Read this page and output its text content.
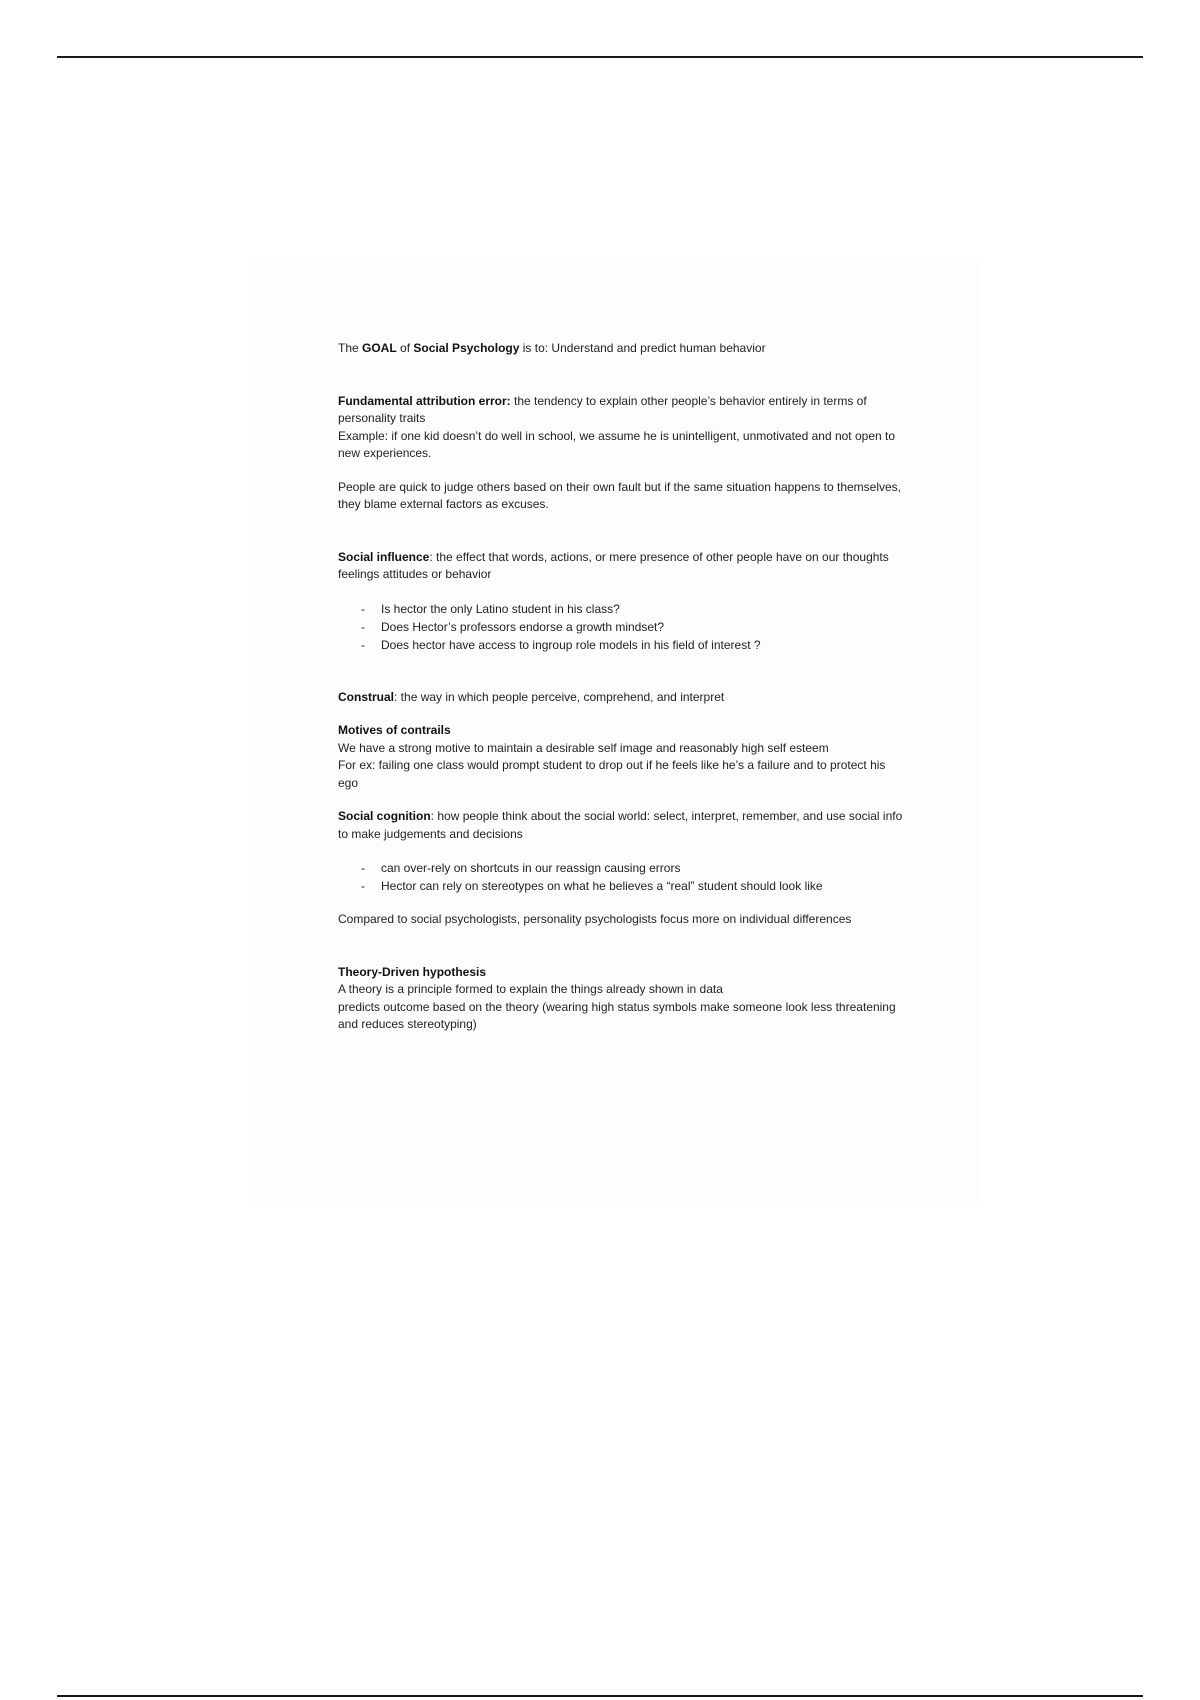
The GOAL of Social Psychology is to: Understand and predict human behavior

Fundamental attribution error: the tendency to explain other people’s behavior entirely in terms of personality traits

Example: if one kid doesn’t do well in school, we assume he is unintelligent, unmotivated and not open to new experiences.

People are quick to judge others based on their own fault but if the same situation happens to themselves, they blame external factors as excuses.

Social influence: the effect that words, actions, or mere presence of other people have on our thoughts feelings attitudes or behavior

- Is hector the only Latino student in his class?
- Does Hector’s professors endorse a growth mindset?
- Does hector have access to ingroup role models in his field of interest ?

Construal: the way in which people perceive, comprehend, and interpret

Motives of contrails

We have a strong motive to maintain a desirable self image and reasonably high self esteem

For ex: failing one class would prompt student to drop out if he feels like he’s a failure and to protect his ego

Social cognition: how people think about the social world: select, interpret, remember, and use social info to make judgements and decisions

- can over-rely on shortcuts in our reassign causing errors
- Hector can rely on stereotypes on what he believes a “real” student should look like

Compared to social psychologists, personality psychologists focus more on individual differences

Theory-Driven hypothesis

A theory is a principle formed to explain the things already shown in data

predicts outcome based on the theory (wearing high status symbols make someone look less threatening and reduces stereotyping)
